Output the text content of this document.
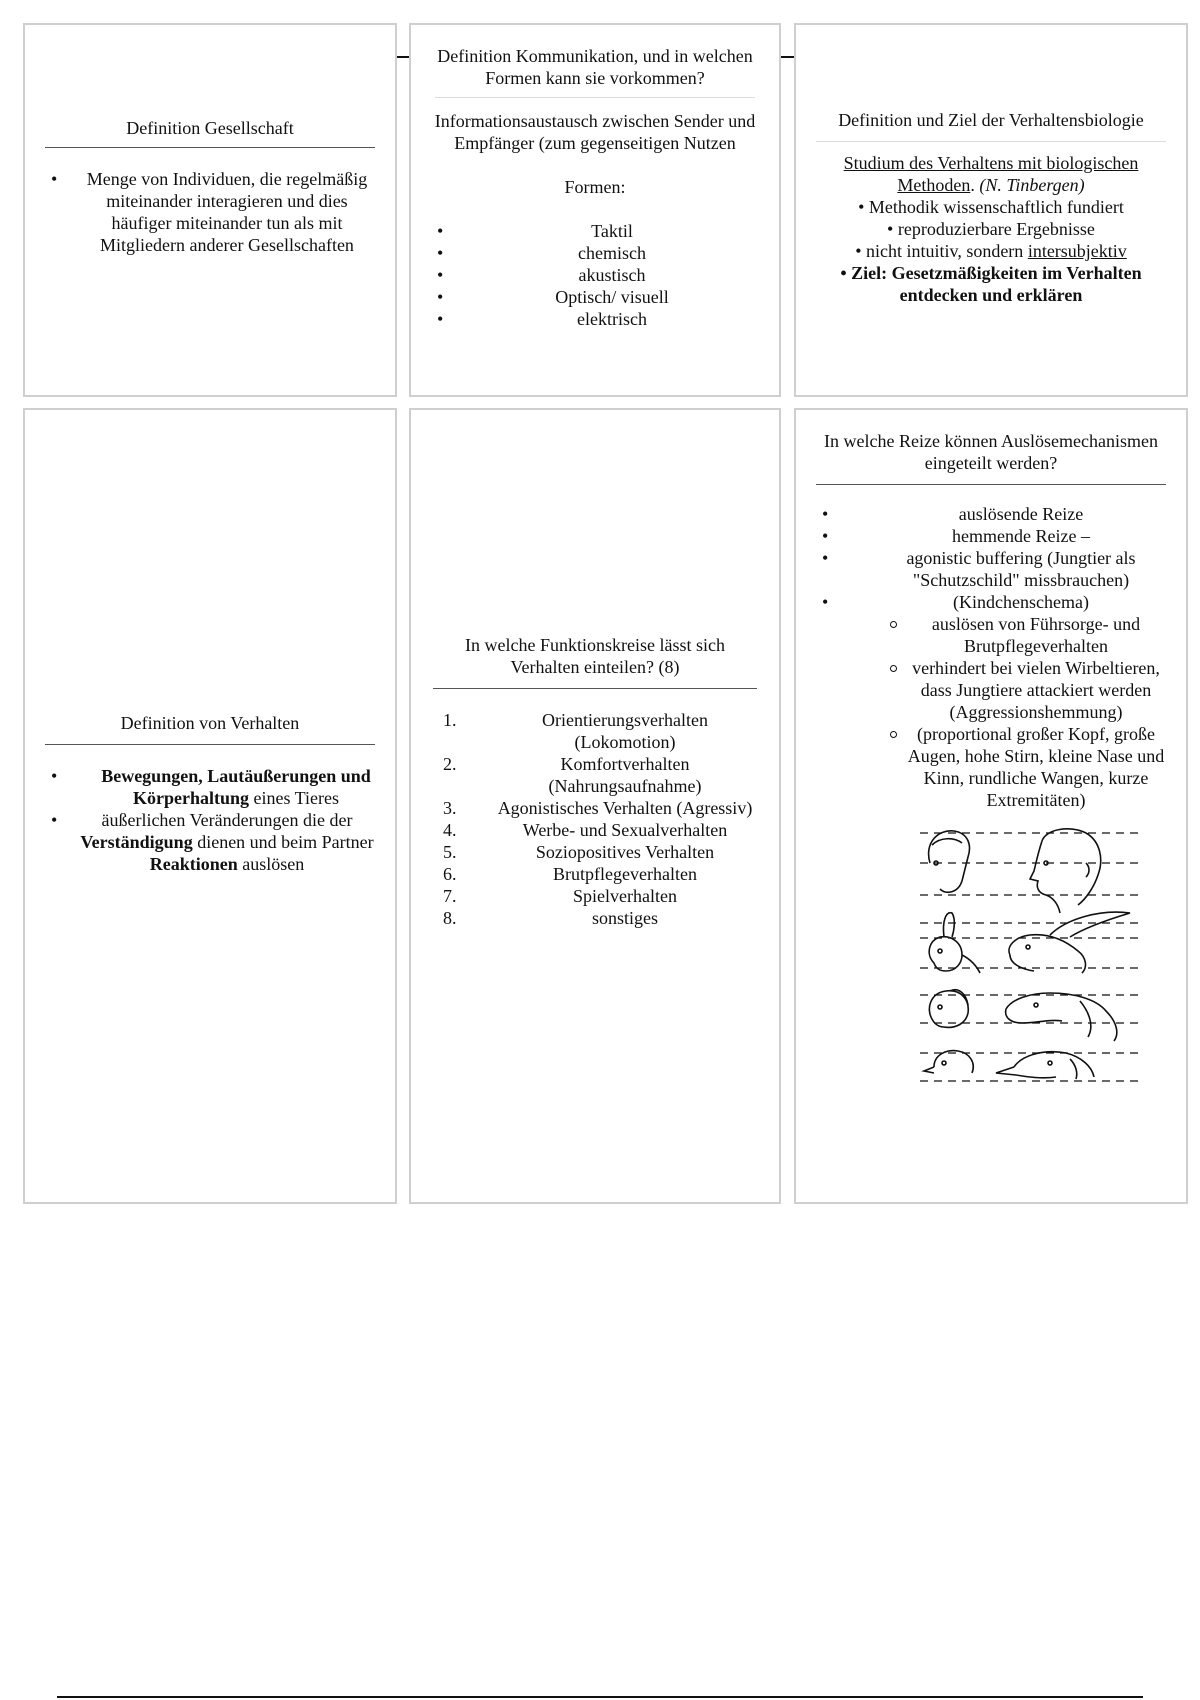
Definition Gesellschaft
• Menge von Individuen, die regelmäßig miteinander interagieren und dies häufiger miteinander tun als mit Mitgliedern anderer Gesellschaften
Definition Kommunikation, und in welchen Formen kann sie vorkommen?
Informationsaustausch zwischen Sender und Empfänger (zum gegenseitigen Nutzen
Formen:
• Taktil
• chemisch
• akustisch
• Optisch/ visuell
• elektrisch
Definition und Ziel der Verhaltensbiologie
Studium des Verhaltens mit biologischen Methoden. (N. Tinbergen)
• Methodik wissenschaftlich fundiert
• reproduzierbare Ergebnisse
• nicht intuitiv, sondern intersubjektiv
• Ziel: Gesetzmäßigkeiten im Verhalten entdecken und erklären
Definition von Verhalten
• Bewegungen, Lautäußerungen und Körperhaltung eines Tieres
• äußerlichen Veränderungen die der Verständigung dienen und beim Partner Reaktionen auslösen
In welche Funktionskreise lässt sich Verhalten einteilen? (8)
1.	Orientierungsverhalten (Lokomotion)
2.	Komfortverhalten (Nahrungsaufnahme)
3.	Agonistisches Verhalten (Agressiv)
4.	Werbe- und Sexualverhalten
5.	Soziopositives Verhalten
6.	Brutpflegeverhalten
7.	Spielverhalten
8.	sonstiges
In welche Reize können Auslösemechanismen eingeteilt werden?
• auslösende Reize
• hemmende Reize –
• agonistic buffering (Jungtier als "Schutzschild" missbrauchen)
• (Kindchenschema)
auslösen von Führsorge- und Brutpflegeverhalten
verhindert bei vielen Wirbeltieren, dass Jungtiere attackiert werden (Aggressionshemmung)
(proportional großer Kopf, große Augen, hohe Stirn, kleine Nase und Kinn, rundliche Wangen, kurze Extremitäten)
